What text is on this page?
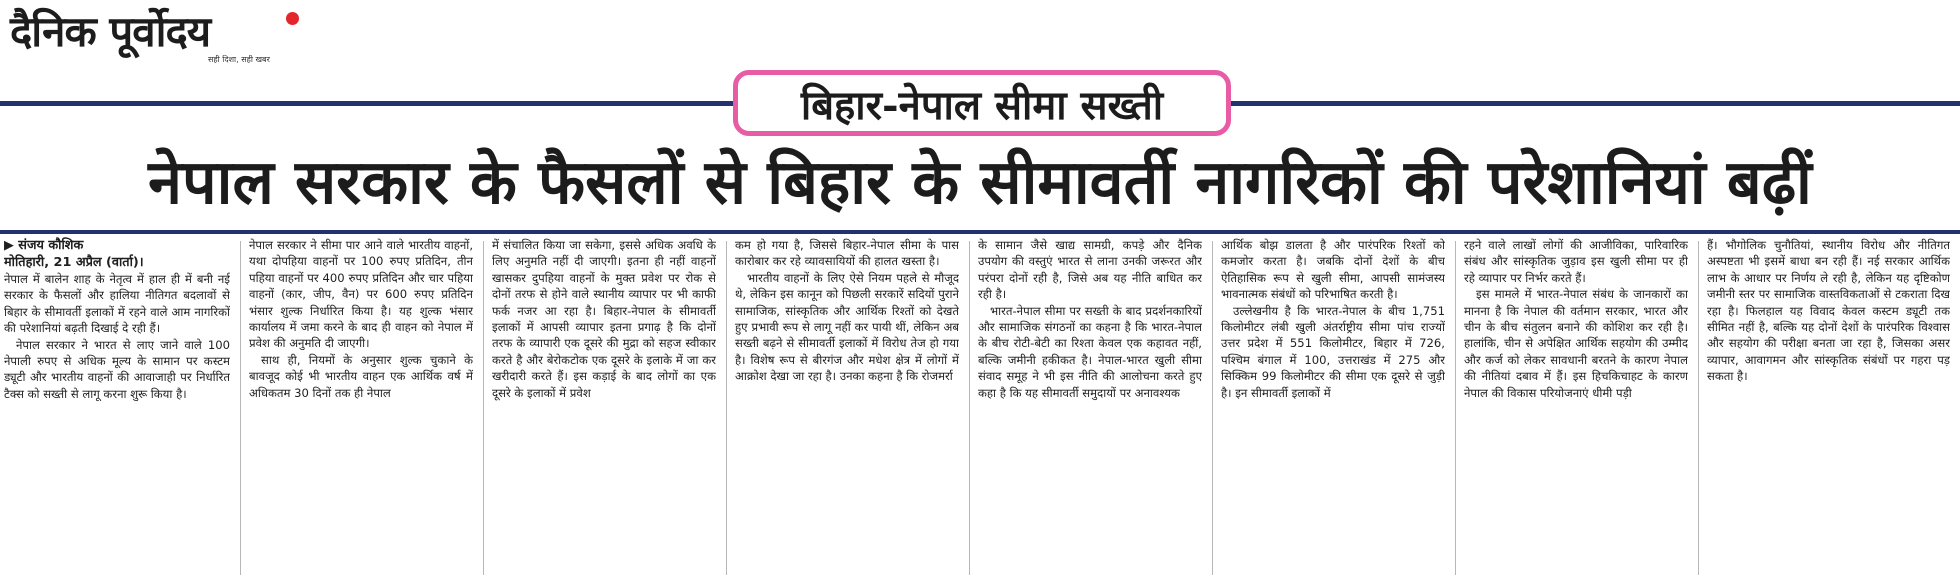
दैनिक पूर्वोदय
सही दिशा, सही खबर
बिहार-नेपाल सीमा सख्ती
नेपाल सरकार के फैसलों से बिहार के सीमावर्ती नागरिकों की परेशानियां बढ़ीं
▶ संजय कौशिक
मोतिहारी, 21 अप्रैल (वार्ता)।

नेपाल में बालेन शाह के नेतृत्व में हाल ही में बनी नई सरकार के फैसलों और हालिया नीतिगत बदलावों से बिहार के सीमावर्ती इलाकों में रहने वाले आम नागरिकों की परेशानियां बढ़ती दिखाई दे रही हैं।

नेपाल सरकार ने भारत से लाए जाने वाले 100 नेपाली रुपए से अधिक मूल्य के सामान पर कस्टम ड्यूटी और भारतीय वाहनों की आवाजाही पर निर्धारित टैक्स को सख्ती से लागू करना शुरू किया है।

नेपाल सरकार ने सीमा पार आने वाले भारतीय वाहनों, यथा दोपहिया वाहनों पर 100 रुपए प्रतिदिन, तीन पहिया वाहनों पर 400 रुपए प्रतिदिन और चार पहिया वाहनों (कार, जीप, वैन) पर 600 रुपए प्रतिदिन भंसार शुल्क निर्धारित किया है। यह शुल्क भंसार कार्यालय में जमा करने के बाद ही वाहन को नेपाल में प्रवेश की अनुमति दी जाएगी।

साथ ही, नियमों के अनुसार शुल्क चुकाने के बावजूद कोई भी भारतीय वाहन एक आर्थिक वर्ष में अधिकतम 30 दिनों तक ही नेपाल

में संचालित किया जा सकेगा, इससे अधिक अवधि के लिए अनुमति नहीं दी जाएगी। इतना ही नहीं वाहनों खासकर दुपहिया वाहनों के मुक्त प्रवेश पर रोक से दोनों तरफ से होने वाले स्थानीय व्यापार पर भी काफी फर्क नजर आ रहा है। बिहार-नेपाल के सीमावर्ती इलाकों में आपसी व्यापार इतना प्रगाढ़ है कि दोनों तरफ के व्यापारी एक दूसरे की मुद्रा को सहज स्वीकार करते है और बेरोकटोक एक दूसरे के इलाके में जा कर खरीदारी करते हैं। इस कड़ाई के बाद लोगों का एक दूसरे के इलाकों में प्रवेश

कम हो गया है, जिससे बिहार-नेपाल सीमा के पास कारोबार कर रहे व्यावसायियों की हालत खस्ता है।

भारतीय वाहनों के लिए ऐसे नियम पहले से मौजूद थे, लेकिन इस कानून को पिछली सरकारें सदियों पुराने सामाजिक, सांस्कृतिक और आर्थिक रिश्तों को देखते हुए प्रभावी रूप से लागू नहीं कर पायी थीं, लेकिन अब सख्ती बढ़ने से सीमावर्ती इलाकों में विरोध तेज हो गया है। विशेष रूप से बीरगंज और मधेश क्षेत्र में लोगों में आक्रोश देखा जा रहा है। उनका कहना है कि रोजमर्रा

के सामान जैसे खाद्य सामग्री, कपड़े और दैनिक उपयोग की वस्तुएं भारत से लाना उनकी जरूरत और परंपरा दोनों रही है, जिसे अब यह नीति बाधित कर रही है।

भारत-नेपाल सीमा पर सख्ती के बाद प्रदर्शनकारियों और सामाजिक संगठनों का कहना है कि भारत-नेपाल के बीच रोटी-बेटी का रिश्ता केवल एक कहावत नहीं, बल्कि जमीनी हकीकत है। नेपाल-भारत खुली सीमा संवाद समूह ने भी इस नीति की आलोचना करते हुए कहा है कि यह सीमावर्ती समुदायों पर अनावश्यक

आर्थिक बोझ डालता है और पारंपरिक रिश्तों को कमजोर करता है। जबकि दोनों देशों के बीच ऐतिहासिक रूप से खुली सीमा, आपसी सामंजस्य भावनात्मक संबंधों को परिभाषित करती है।

उल्लेखनीय है कि भारत-नेपाल के बीच 1,751 किलोमीटर लंबी खुली अंतर्राष्ट्रीय सीमा पांच राज्यों उत्तर प्रदेश में 551 किलोमीटर, बिहार में 726, पश्चिम बंगाल में 100, उत्तराखंड में 275 और सिक्किम 99 किलोमीटर की सीमा एक दूसरे से जुड़ी है। इन सीमावर्ती इलाकों में

रहने वाले लाखों लोगों की आजीविका, पारिवारिक संबंध और सांस्कृतिक जुड़ाव इस खुली सीमा पर ही रहे व्यापार पर निर्भर करते हैं।

इस मामले में भारत-नेपाल संबंध के जानकारों का मानना है कि नेपाल की वर्तमान सरकार, भारत और चीन के बीच संतुलन बनाने की कोशिश कर रही है। हालांकि, चीन से अपेक्षित आर्थिक सहयोग की उम्मीद और कर्ज को लेकर सावधानी बरतने के कारण नेपाल की नीतियां दबाव में हैं। इस हिचकिचाहट के कारण नेपाल की विकास परियोजनाएं धीमी पड़ी

हैं। भौगोलिक चुनौतियां, स्थानीय विरोध और नीतिगत अस्पष्टता भी इसमें बाधा बन रही हैं। नई सरकार आर्थिक लाभ के आधार पर निर्णय ले रही है, लेकिन यह दृष्टिकोण जमीनी स्तर पर सामाजिक वास्तविकताओं से टकराता दिख रहा है। फिलहाल यह विवाद केवल कस्टम ड्यूटी तक सीमित नहीं है, बल्कि यह दोनों देशों के पारंपरिक विश्वास और सहयोग की परीक्षा बनता जा रहा है, जिसका असर व्यापार, आवागमन और सांस्कृतिक संबंधों पर गहरा पड़ सकता है।
